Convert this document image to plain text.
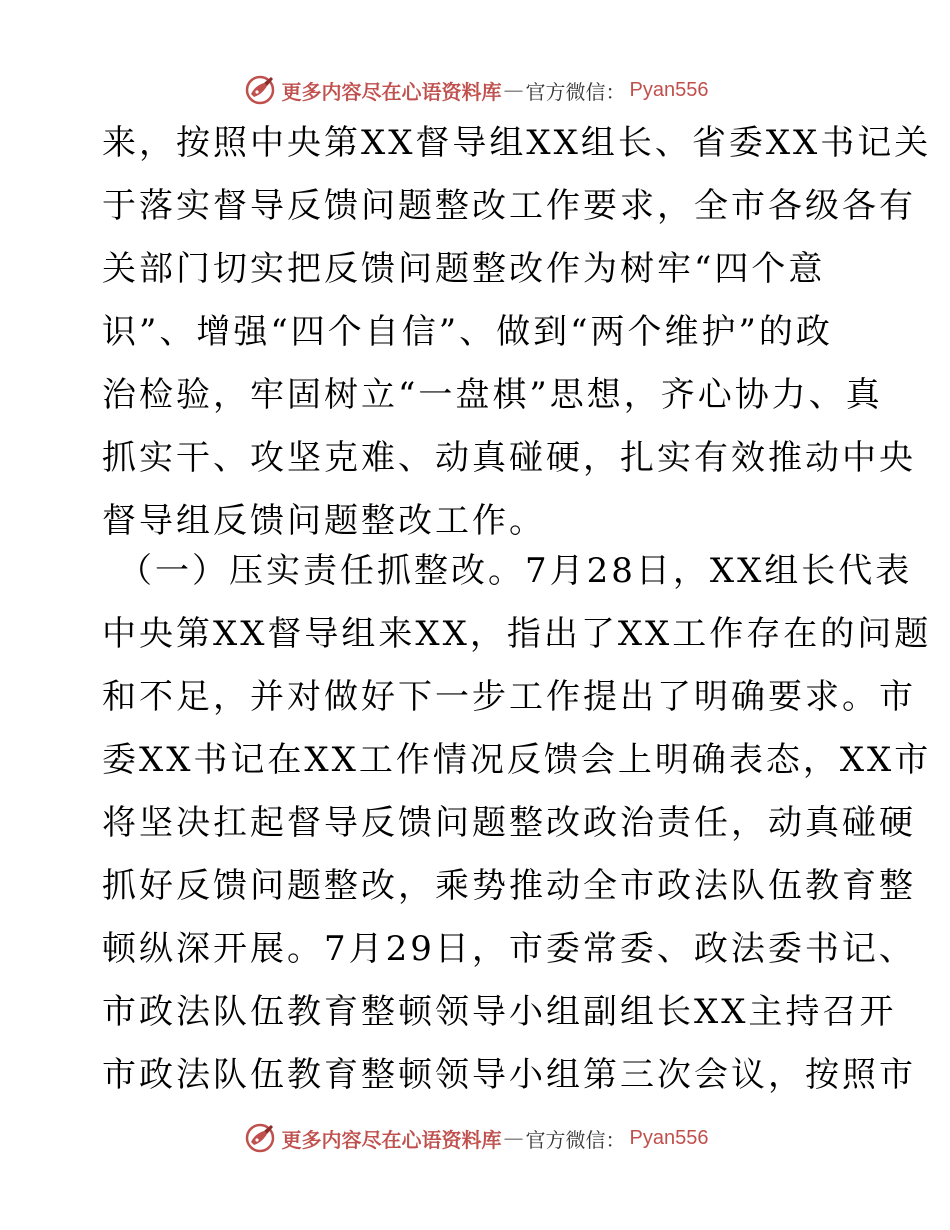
更多内容尽在心语资料库 — 官方微信： Pyan556
来，按照中央第XX督导组XX组长、省委XX书记关
于落实督导反馈问题整改工作要求，全市各级各有
关部门切实把反馈问题整改作为树牢“四个意
识”、增强“四个自信”、做到“两个维护”的政
治检验，牢固树立“一盘棋”思想，齐心协力、真
抓实干、攻坚克难、动真碰硬，扎实有效推动中央
督导组反馈问题整改工作。
（一）压实责任抓整改。7月28日，XX组长代表
中央第XX督导组来XX，指出了XX工作存在的问题
和不足，并对做好下一步工作提出了明确要求。市
委XX书记在XX工作情况反馈会上明确表态，XX市
将坚决扛起督导反馈问题整改政治责任，动真碰硬
抓好反馈问题整改，乘势推动全市政法队伍教育整
顿纵深开展。7月29日，市委常委、政法委书记、
市政法队伍教育整顿领导小组副组长XX主持召开
市政法队伍教育整顿领导小组第三次会议，按照市
更多内容尽在心语资料库 — 官方微信： Pyan556
